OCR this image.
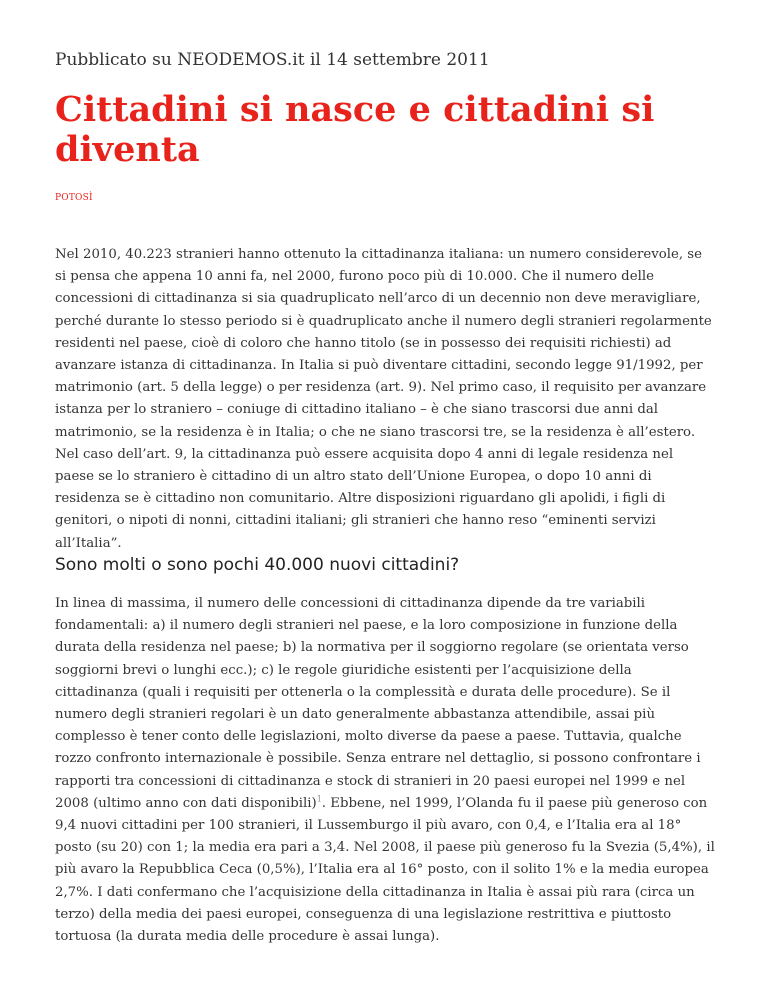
Pubblicato su NEODEMOS.it il 14 settembre 2011

Cittadini si nasce e cittadini si diventa
POTOSÌ

Nel 2010, 40.223 stranieri hanno ottenuto la cittadinanza italiana: un numero considerevole, se si pensa che appena 10 anni fa, nel 2000, furono poco più di 10.000. Che il numero delle concessioni di cittadinanza si sia quadruplicato nell’arco di un decennio non deve meravigliare, perché durante lo stesso periodo si è quadruplicato anche il numero degli stranieri regolarmente residenti nel paese, cioè di coloro che hanno titolo (se in possesso dei requisiti richiesti) ad avanzare istanza di cittadinanza. In Italia si può diventare cittadini, secondo legge 91/1992, per matrimonio (art. 5 della legge) o per residenza (art. 9). Nel primo caso, il requisito per avanzare istanza per lo straniero – coniuge di cittadino italiano – è che siano trascorsi due anni dal matrimonio, se la residenza è in Italia; o che ne siano trascorsi tre, se la residenza è all’estero. Nel caso dell’art. 9, la cittadinanza può essere acquisita dopo 4 anni di legale residenza nel paese se lo straniero è cittadino di un altro stato dell’Unione Europea, o dopo 10 anni di residenza se è cittadino non comunitario. Altre disposizioni riguardano gli apolidi, i figli di genitori, o nipoti di nonni, cittadini italiani; gli stranieri che hanno reso “eminenti servizi all’Italia”.

Sono molti o sono pochi 40.000 nuovi cittadini?

In linea di massima, il numero delle concessioni di cittadinanza dipende da tre variabili fondamentali: a) il numero degli stranieri nel paese, e la loro composizione in funzione della durata della residenza nel paese; b) la normativa per il soggiorno regolare (se orientata verso soggiorni brevi o lunghi ecc.); c) le regole giuridiche esistenti per l’acquisizione della cittadinanza (quali i requisiti per ottenerla o la complessità e durata delle procedure). Se il numero degli stranieri regolari è un dato generalmente abbastanza attendibile, assai più complesso è tener conto delle legislazioni, molto diverse da paese a paese. Tuttavia, qualche rozzo confronto internazionale è possibile. Senza entrare nel dettaglio, si possono confrontare i rapporti tra concessioni di cittadinanza e stock di stranieri in 20 paesi europei nel 1999 e nel 2008 (ultimo anno con dati disponibili)$^1$. Ebbene, nel 1999, l’Olanda fu il paese più generoso con 9,4 nuovi cittadini per 100 stranieri, il Lussemburgo il più avaro, con 0,4, e l’Italia era al 18° posto (su 20) con 1; la media era pari a 3,4. Nel 2008, il paese più generoso fu la Svezia (5,4%), il più avaro la Repubblica Ceca (0,5%), l’Italia era al 16° posto, con il solito 1% e la media europea 2,7%. I dati confermano che l’acquisizione della cittadinanza in Italia è assai più rara (circa un terzo) della media dei paesi europei, conseguenza di una legislazione restrittiva e piuttosto tortuosa (la durata media delle procedure è assai lunga).
